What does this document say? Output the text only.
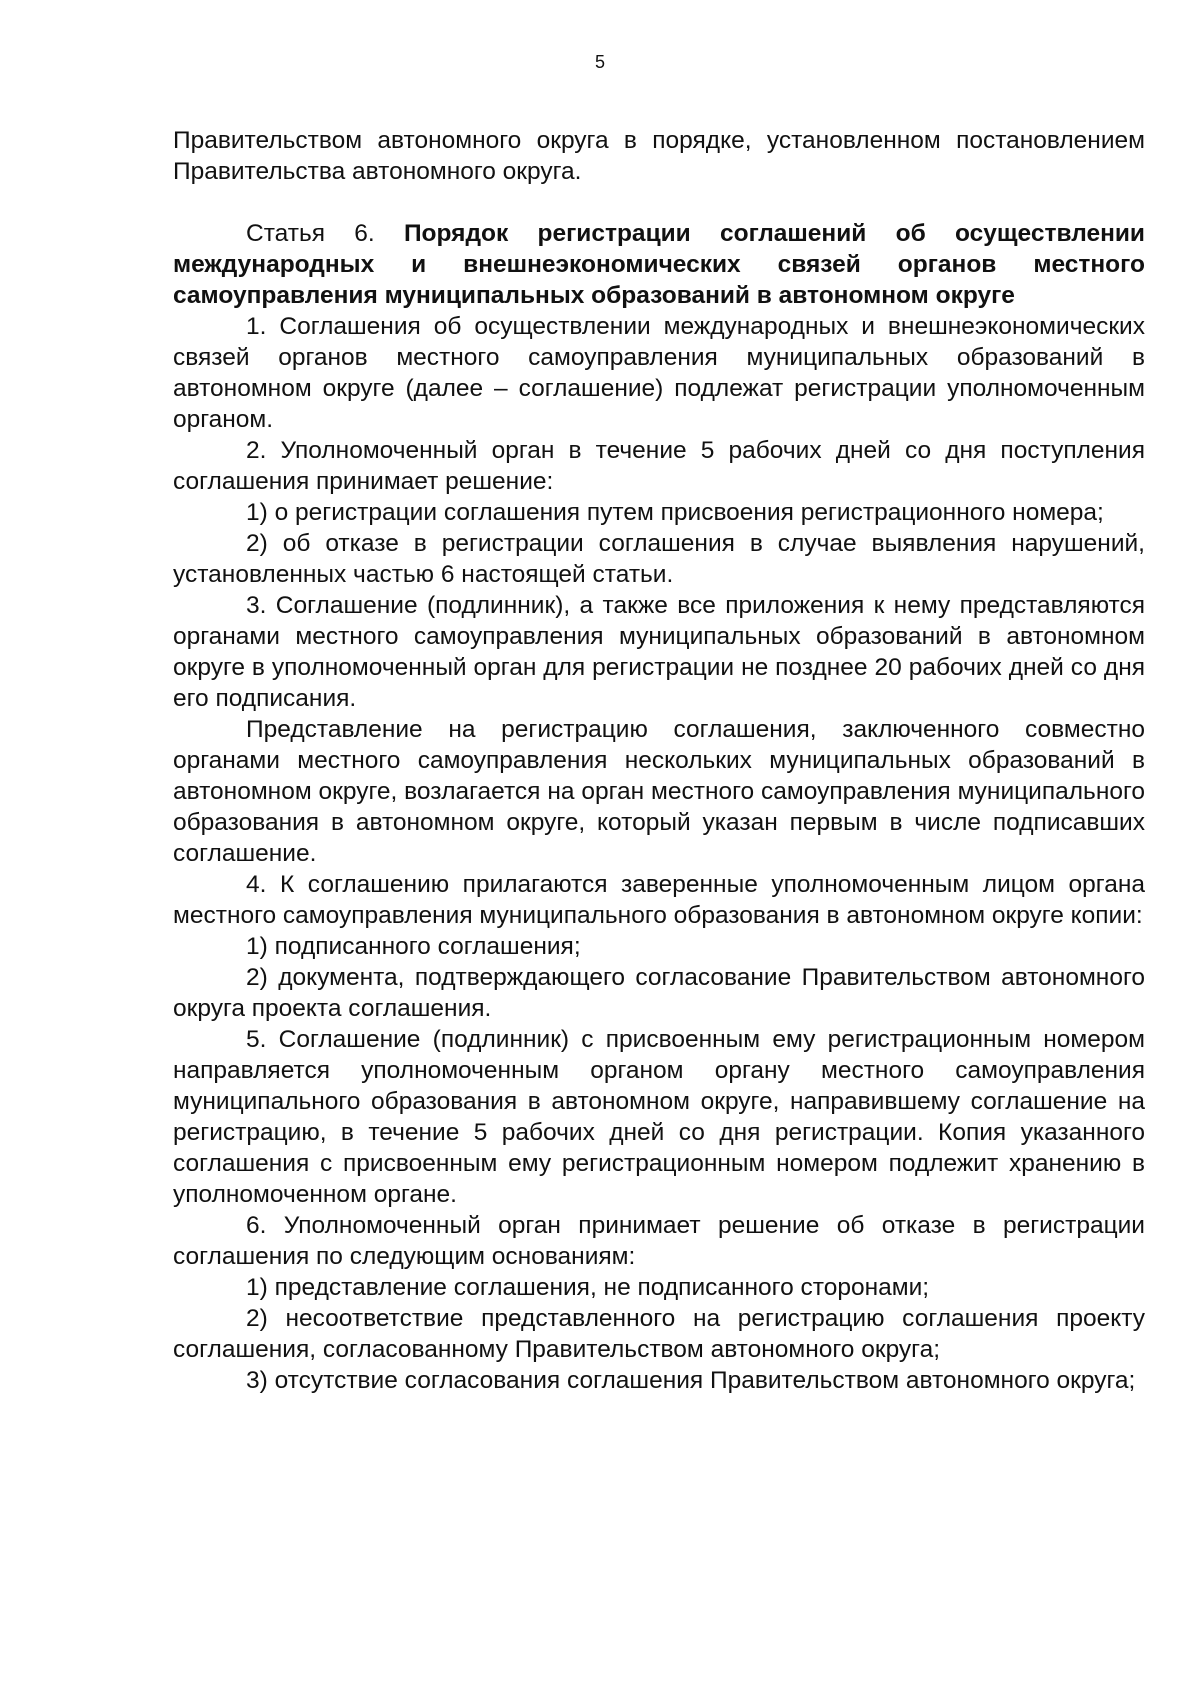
5

Правительством автономного округа в порядке, установленном постановлением Правительства автономного округа.

Статья 6. Порядок регистрации соглашений об осуществлении международных и внешнеэкономических связей органов местного самоуправления муниципальных образований в автономном округе

1. Соглашения об осуществлении международных и внешнеэкономических связей органов местного самоуправления муниципальных образований в автономном округе (далее – соглашение) подлежат регистрации уполномоченным органом.

2. Уполномоченный орган в течение 5 рабочих дней со дня поступления соглашения принимает решение:

1) о регистрации соглашения путем присвоения регистрационного номера;

2) об отказе в регистрации соглашения в случае выявления нарушений, установленных частью 6 настоящей статьи.

3. Соглашение (подлинник), а также все приложения к нему представляются органами местного самоуправления муниципальных образований в автономном округе в уполномоченный орган для регистрации не позднее 20 рабочих дней со дня его подписания.

Представление на регистрацию соглашения, заключенного совместно органами местного самоуправления нескольких муниципальных образований в автономном округе, возлагается на орган местного самоуправления муниципального образования в автономном округе, который указан первым в числе подписавших соглашение.

4. К соглашению прилагаются заверенные уполномоченным лицом органа местного самоуправления муниципального образования в автономном округе копии:

1) подписанного соглашения;

2) документа, подтверждающего согласование Правительством автономного округа проекта соглашения.

5. Соглашение (подлинник) с присвоенным ему регистрационным номером направляется уполномоченным органом органу местного самоуправления муниципального образования в автономном округе, направившему соглашение на регистрацию, в течение 5 рабочих дней со дня регистрации. Копия указанного соглашения с присвоенным ему регистрационным номером подлежит хранению в уполномоченном органе.

6. Уполномоченный орган принимает решение об отказе в регистрации соглашения по следующим основаниям:

1) представление соглашения, не подписанного сторонами;

2) несоответствие представленного на регистрацию соглашения проекту соглашения, согласованному Правительством автономного округа;

3) отсутствие согласования соглашения Правительством автономного округа;
